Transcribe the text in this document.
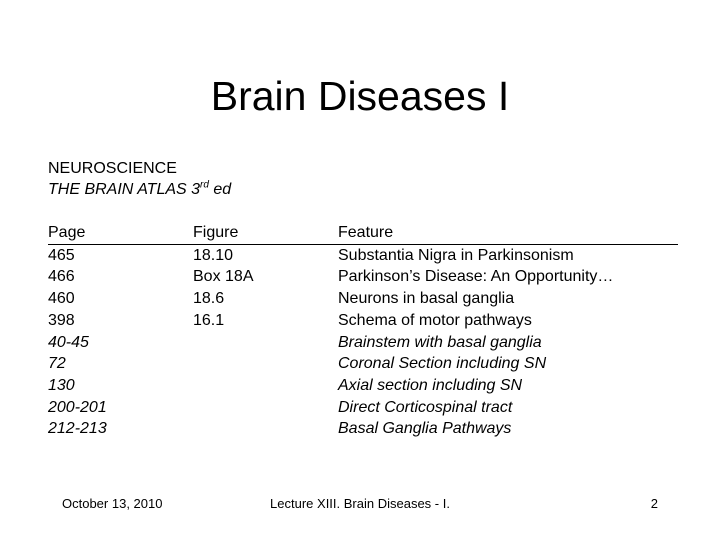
Brain Diseases I
NEUROSCIENCE
THE BRAIN ATLAS 3rd ed
Page
465
466
460
398
40-45
72
130
200-201
212-213
Figure
18.10
Box 18A
18.6
16.1

Feature
Substantia Nigra in Parkinsonism
Parkinson’s Disease: An Opportunity…
Neurons in basal ganglia
Schema of motor pathways
Brainstem with basal ganglia
Coronal Section including SN
Axial section including SN
Direct Corticospinal tract
Basal Ganglia Pathways
October 13, 2010	Lecture XIII. Brain Diseases - I.	2
